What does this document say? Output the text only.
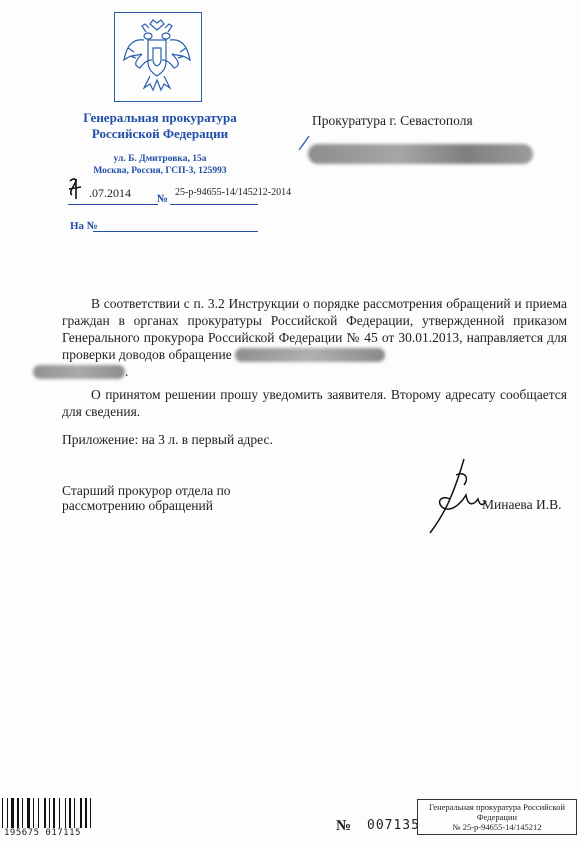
Генеральная прокуратура
Российской Федерации
ул. Б. Дмитровка, 15а
Москва, Россия, ГСП-3, 125993
.07.2014 №
25-р-94655-14/145212-2014
На №
Прокуратура г. Севастополя

В соответствии с п. 3.2 Инструкции о порядке рассмотрения обращений и приема граждан в органах прокуратуры Российской Федерации, утвержденной приказом Генерального прокурора Российской Федерации № 45 от 30.01.2013, направляется для проверки доводов обращение
.

О принятом решении прошу уведомить заявителя. Второму адресату сообщается для сведения.

Приложение: на 3 л. в первый адрес.
Старший прокурор отдела по
рассмотрению обращений	Минаева И.В.
195675 017115	№ 007135
Генеральная прокуратура Российской
Федерации
№ 25-р-94655-14/145212
